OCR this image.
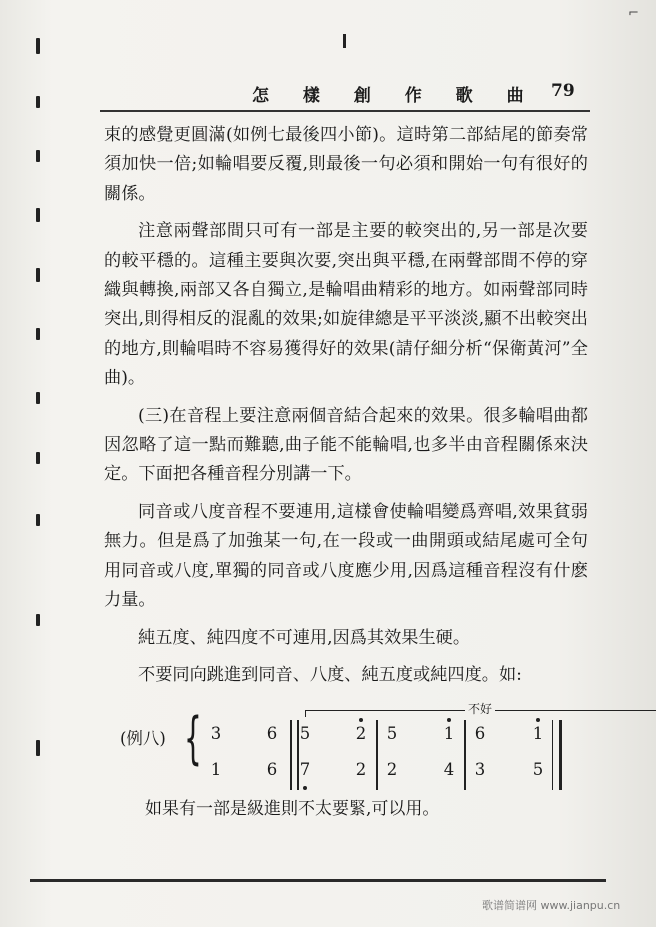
⌐
怎 樣 創 作 歌 曲 79

束的感覺更圓滿(如例七最後四小節)。這時第二部結尾的節奏常須加快一倍;如輪唱要反覆,則最後一句必須和開始一句有很好的關係。

注意兩聲部間只可有一部是主要的較突出的,另一部是次要的較平穩的。這種主要與次要,突出與平穩,在兩聲部間不停的穿織與轉換,兩部又各自獨立,是輪唱曲精彩的地方。如兩聲部同時突出,則得相反的混亂的效果;如旋律總是平平淡淡,顯不出較突出的地方,則輪唱時不容易獲得好的效果(請仔細分析“保衛黃河”全曲)。

(三)在音程上要注意兩個音結合起來的效果。很多輪唱曲都因忽略了這一點而難聽,曲子能不能輪唱,也多半由音程關係來決定。下面把各種音程分別講一下。

同音或八度音程不要連用,這樣會使輪唱變爲齊唱,效果貧弱無力。但是爲了加強某一句,在一段或一曲開頭或結尾處可全句用同音或八度,單獨的同音或八度應少用,因爲這種音程沒有什麽力量。

純五度、純四度不可連用,因爲其效果生硬。

不要同向跳進到同音、八度、純五度或純四度。如:

(例八) {	不好
3	6 5	2 5	1 6	1
1	6 7	2 2	4 3	5
如果有一部是級進則不太要緊,可以用。
歌谱简谱网 www.jianpu.cn
